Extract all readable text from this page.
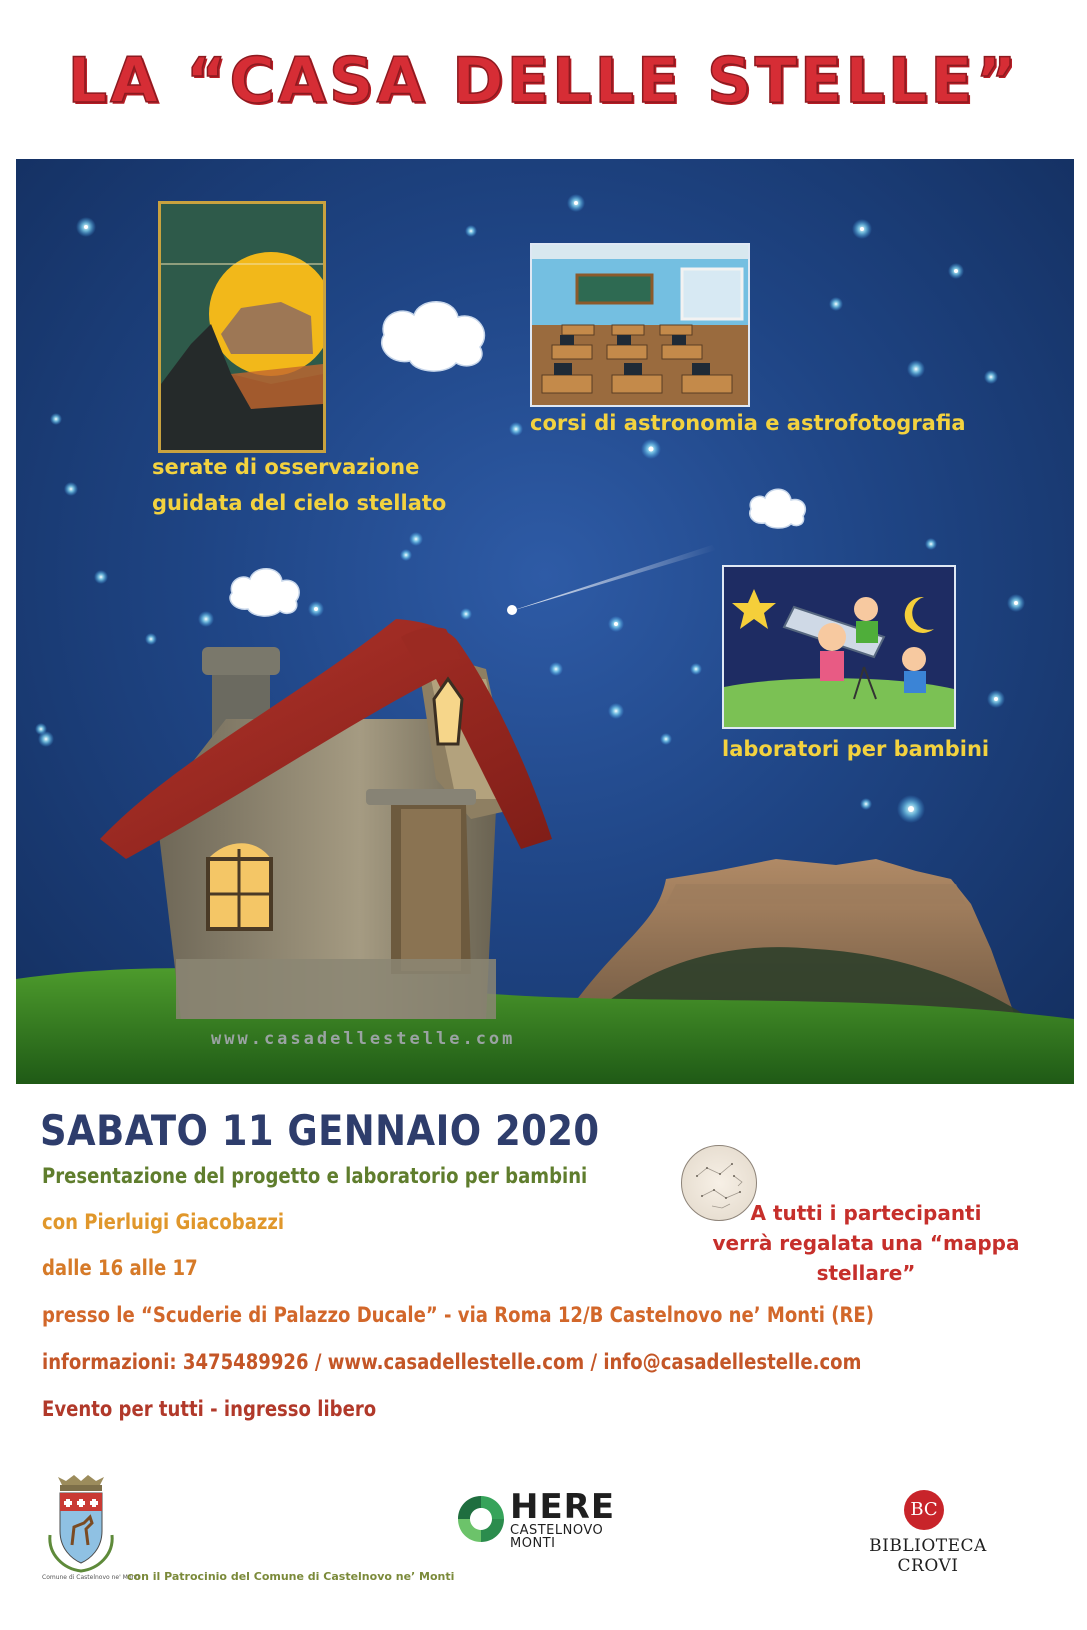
LA “CASA DELLE STELLE”
serate di osservazione
guidata del cielo stellato
corsi di astronomia e astrofotografia
laboratori per bambini
www.casadellestelle.com
SABATO 11 GENNAIO 2020
Presentazione del progetto e laboratorio per bambini
con Pierluigi Giacobazzi
dalle 16 alle 17
presso le “Scuderie di Palazzo Ducale” - via Roma 12/B Castelnovo ne’ Monti (RE)
informazioni: 3475489926 / www.casadellestelle.com / info@casadellestelle.com
Evento per tutti - ingresso libero
A tutti i partecipanti
verrà regalata una “mappa stellare”
Comune di Castelnovo ne' Monti
con il Patrocinio del Comune di Castelnovo ne’ Monti
HERE
CASTELNOVO MONTI
BC
BIBLIOTECA CROVI
